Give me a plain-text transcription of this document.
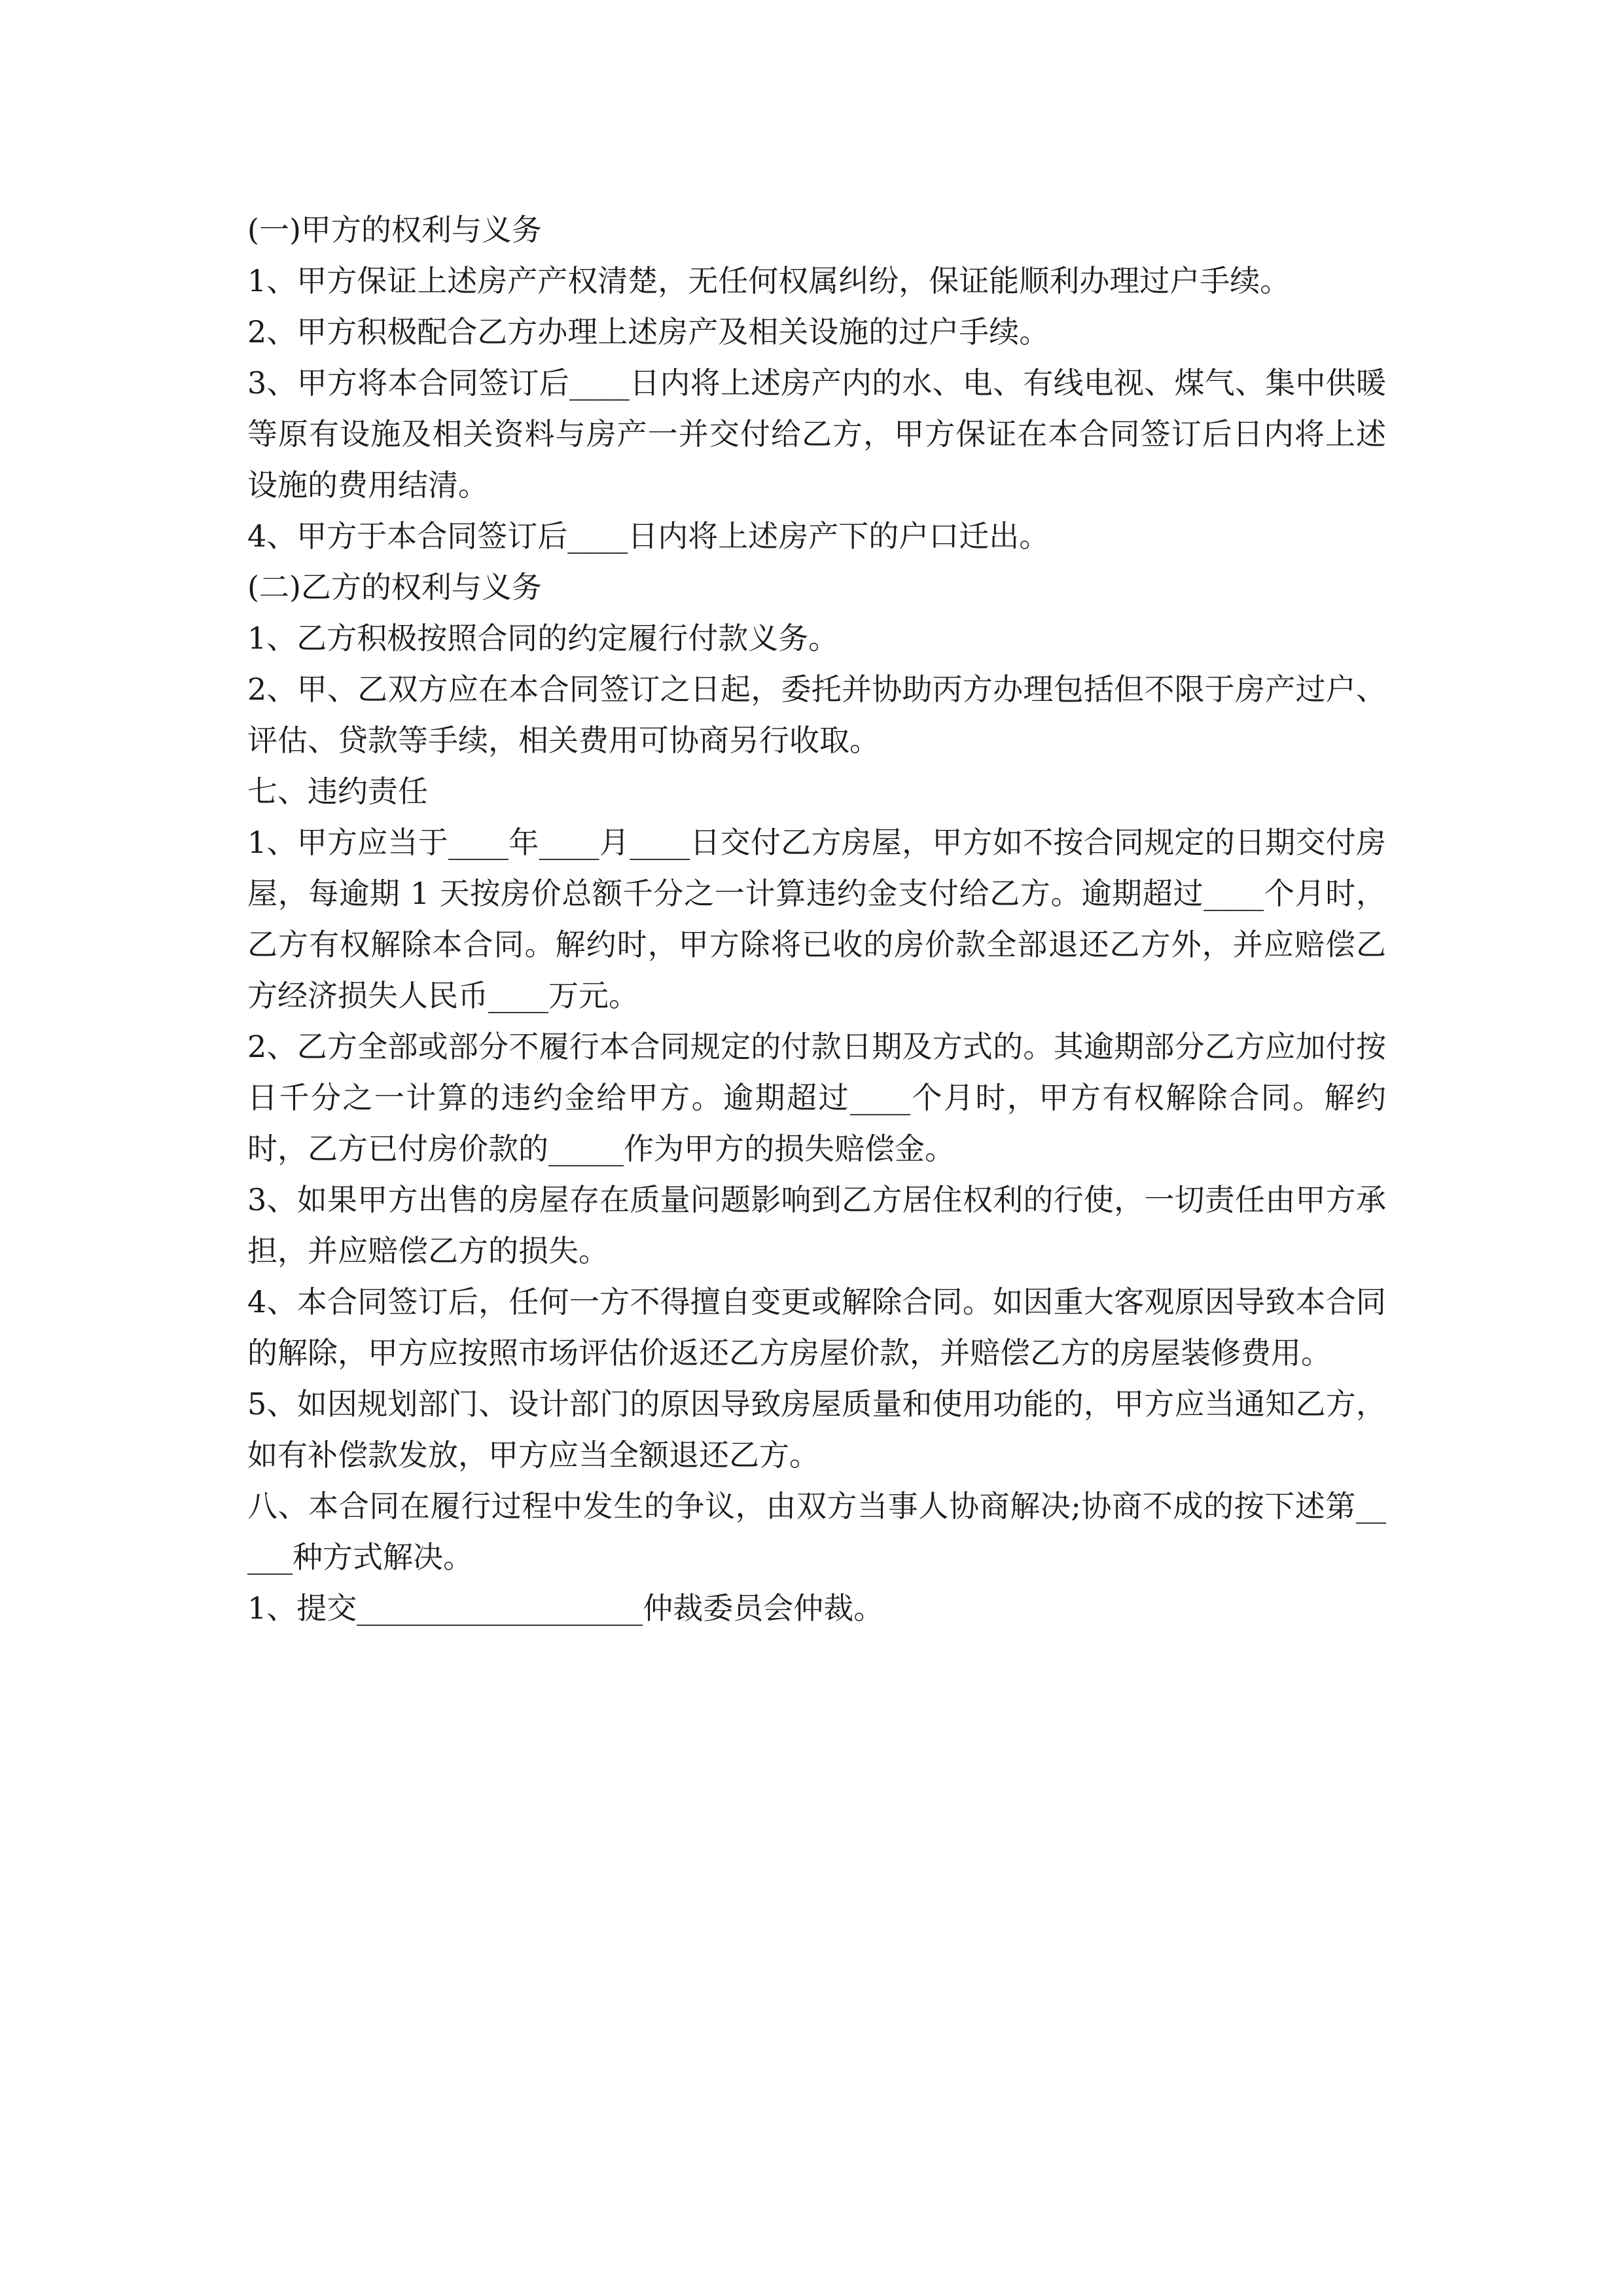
(一)甲方的权利与义务

1、甲方保证上述房产产权清楚，无任何权属纠纷，保证能顺利办理过户手续。

2、甲方积极配合乙方办理上述房产及相关设施的过户手续。

3、甲方将本合同签订后____日内将上述房产内的水、电、有线电视、煤气、集中供暖等原有设施及相关资料与房产一并交付给乙方，甲方保证在本合同签订后日内将上述设施的费用结清。

4、甲方于本合同签订后____日内将上述房产下的户口迁出。

(二)乙方的权利与义务

1、乙方积极按照合同的约定履行付款义务。

2、甲、乙双方应在本合同签订之日起，委托并协助丙方办理包括但不限于房产过户、评估、贷款等手续，相关费用可协商另行收取。

七、违约责任

1、甲方应当于____年____月____日交付乙方房屋，甲方如不按合同规定的日期交付房屋，每逾期 1 天按房价总额千分之一计算违约金支付给乙方。逾期超过____个月时，乙方有权解除本合同。解约时，甲方除将已收的房价款全部退还乙方外，并应赔偿乙方经济损失人民币____万元。

2、乙方全部或部分不履行本合同规定的付款日期及方式的。其逾期部分乙方应加付按日千分之一计算的违约金给甲方。逾期超过____个月时，甲方有权解除合同。解约时，乙方已付房价款的_____作为甲方的损失赔偿金。

3、如果甲方出售的房屋存在质量问题影响到乙方居住权利的行使，一切责任由甲方承担，并应赔偿乙方的损失。

4、本合同签订后，任何一方不得擅自变更或解除合同。如因重大客观原因导致本合同的解除，甲方应按照市场评估价返还乙方房屋价款，并赔偿乙方的房屋装修费用。

5、如因规划部门、设计部门的原因导致房屋质量和使用功能的，甲方应当通知乙方，如有补偿款发放，甲方应当全额退还乙方。

八、本合同在履行过程中发生的争议，由双方当事人协商解决;协商不成的按下述第_____种方式解决。

1、提交___________________仲裁委员会仲裁。
